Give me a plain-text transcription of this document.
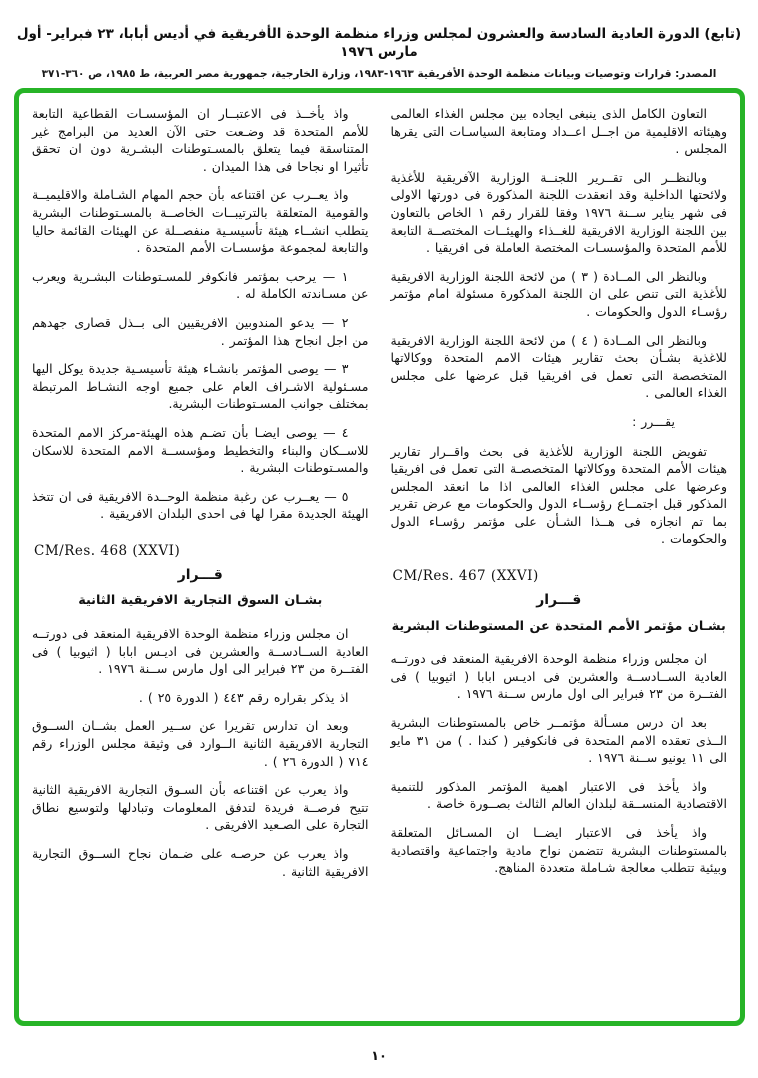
(تابع) الدورة العادية السادسة والعشرون لمجلس وزراء منظمة الوحدة الأفريقية في أديس أبابا، ٢٣ فبراير- أول مارس ١٩٧٦
المصدر: قرارات وتوصيات وبيانات منظمة الوحدة الأفريقية ١٩٦٣-١٩٨٣، وزارة الخارجية، جمهورية مصر العربية، ط ١٩٨٥، ص ٣٦٠-٣٧١

التعاون الكامل الذى ينبغى ايجاده بين مجلس الغذاء العالمى وهيئاته الاقليمية من اجــل اعــداد ومتابعة السياسـات التى يقرها المجلس .

وبالنظــر الى تقــرير اللجنــة الوزارية الآفريقية للأغذية ولائحتها الداخلية وقد انعقدت اللجنة المذكورة فى دورتها الاولى فى شهر يناير ســنة ١٩٧٦ وفقا للقرار رقم ١ الخاص بالتعاون بين اللجنة الوزارية الافريقية للغــذاء والهيئــات المختصــة التابعة للأمم المتحدة والمؤسسـات المختصة العاملة فى افريقيا .

وبالنظر الى المــادة ( ٣ ) من لائحة اللجنة الوزارية الافريقية للأغذية التى تنص على ان اللجنة المذكورة مسئولة امام مؤتمر رؤسـاء الدول والحكومات .

وبالنظر الى المــادة ( ٤ ) من لائحة اللجنة الوزارية الافريقية للاغذية بشـأن بحث تقارير هيئات الامم المتحدة ووكالاتها المتخصصة التى تعمل فى افريقيا قبل عرضها على مجلس الغذاء العالمى .

يقـــرر :

تفويض اللجنة الوزارية للأغذية فى بحث واقــرار تقارير هيئات الأمم المتحدة ووكالاتها المتخصصـة التى تعمل فى افريقيا وعرضها على مجلس الغذاء العالمى اذا ما انعقد المجلس المذكور قبل اجتمــاع رؤســاء الدول والحكومات مع عرض تقرير بما تم انجازه فى هــذا الشـأن على مؤتمر رؤسـاء الدول والحكومات .

CM/Res. 467 (XXVI)

قـــرار

بشـان مؤتمر الأمم المتحدة عن المستوطنات البشرية

ان مجلس وزراء منظمة الوحدة الافريقية المنعقد فى دورتــه العادية الســادســة والعشرين فى اديـس ابابا ( اثيوبيا ) فى الفتــرة من ٢٣ فبراير الى اول مارس ســنة ١٩٧٦ .

بعد ان درس مسـألة مؤتمــر خاص بالمستوطنات البشرية الــذى تعقده الامم المتحدة فى فانكوفير ( كندا . ) من ٣١ مايو الى ١١ يونيو ســنة ١٩٧٦ .

واذ يأخذ فى الاعتبار اهمية المؤتمر المذكور للتنمية الاقتصادية المنســقة لبلدان العالم الثالث بصــورة خاصة .

واذ يأخذ فى الاعتبار ايضــا ان المسـائل المتعلقة بالمستوطنات البشرية تتضمن نواح مادية واجتماعية واقتصادية وبيئية تتطلب معالجة شـاملة متعددة المناهج.

واذ يأخــذ فى الاعتبــار ان المؤسسـات القطاعية التابعة للأمم المتحدة قد وضـعت حتى الآن العديد من البرامج غير المتناسقة فيما يتعلق بالمسـتوطنات البشـرية دون ان تحقق تأثيرا او نجاحا فى هذا الميدان .

واذ يعــرب عن اقتناعه بأن حجم المهام الشـاملة والاقليميــة والقومية المتعلقة بالترتيبــات الخاصــة بالمسـتوطنات البشرية يتطلب انشــاء هيئة تأسيسـية منفصــلة عن الهيئات القائمة حاليا والتابعة لمجموعة مؤسسـات الأمم المتحدة .

١ — يرحب بمؤتمر فانكوفر للمسـتوطنات البشـرية ويعرب عن مسـاندته الكاملة له .

٢ — يدعو المندوبين الافريقيين الى بــذل قصارى جهدهم من اجل انجاح هذا المؤتمر .

٣ — يوصى المؤتمر بانشـاء هيئة تأسيسـية جديدة يوكل اليها مسـئولية الاشـراف العام على جميع اوجه النشـاط المرتبطة بمختلف جوانب المسـتوطنات البشرية.

٤ — يوصى ايضـا بأن تضـم هذه الهيئة-مركز الامم المتحدة للاســكان والبناء والتخطيط ومؤسســة الامم المتحدة للاسكان والمسـتوطنات البشرية .

٥ — يعــرب عن رغبة منظمة الوحــدة الافريقية فى ان تتخذ الهيئة الجديدة مقرا لها فى احدى البلدان الافريقية .

CM/Res. 468 (XXVI)

قـــرار

بشـان السوق التجارية الافريقية الثانية

ان مجلس وزراء منظمة الوحدة الافريقية المنعقد فى دورتــه العادية الســادســة والعشرين فى اديـس ابابا ( اثيوبيا ) فى الفتــرة من ٢٣ فبراير الى اول مارس ســنة ١٩٧٦ .

اذ يذكر بقراره رقم ٤٤٣ ( الدورة ٢٥ ) .

وبعد ان تدارس تقريرا عن ســير العمل بشــان الســوق التجارية الافريقية الثانية الــوارد فى وثيقة مجلس الوزراء رقم ٧١٤ ( الدورة ٢٦ ) .

واذ يعرب عن اقتناعه بأن السـوق التجارية الافريقية الثانية تتيح فرصــة فريدة لتدفق المعلومات وتبادلها ولتوسيع نطاق التجارة على الصـعيد الافريقى .

واذ يعرب عن حرصـه على ضـمان نجاح الســوق التجارية الافريقية الثانية .

١٠
